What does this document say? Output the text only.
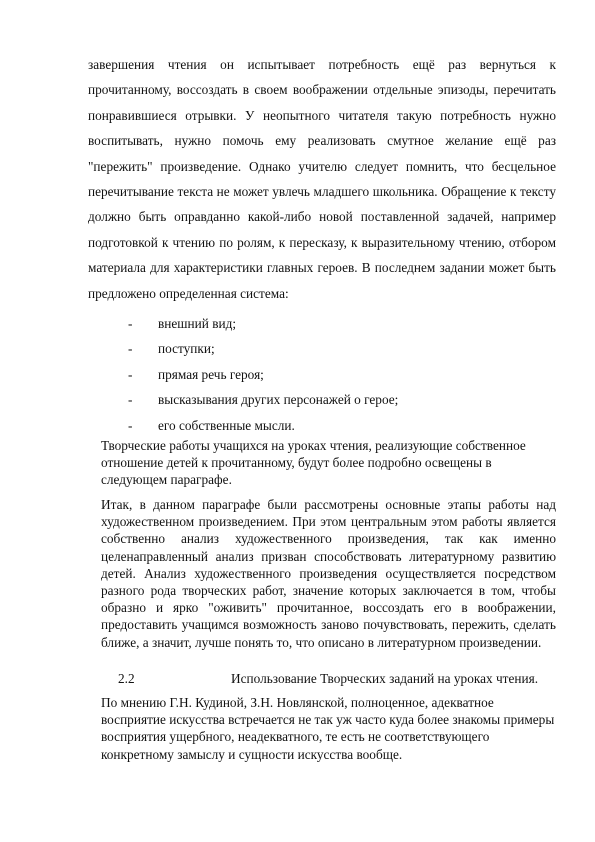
завершения чтения он испытывает потребность ещё раз вернуться к прочитанному, воссоздать в своем воображении отдельные эпизоды, перечитать понравившиеся отрывки. У неопытного читателя такую потребность нужно воспитывать, нужно помочь ему реализовать смутное желание ещё раз "пережить" произведение. Однако учителю следует помнить, что бесцельное перечитывание текста не может увлечь младшего школьника. Обращение к тексту должно быть оправданно какой-либо новой поставленной задачей, например подготовкой к чтению по ролям, к пересказу, к выразительному чтению, отбором материала для характеристики главных героев. В последнем задании может быть предложено определенная система:

- внешний вид;
- поступки;
- прямая речь героя;
- высказывания других персонажей о герое;
- его собственные мысли.

Творческие работы учащихся на уроках чтения, реализующие собственное отношение детей к прочитанному, будут более подробно освещены в следующем параграфе.

Итак, в данном параграфе были рассмотрены основные этапы работы над художественном произведением. При этом центральным этом работы является собственно анализ художественного произведения, так как именно целенаправленный анализ призван способствовать литературному развитию детей. Анализ художественного произведения осуществляется посредством разного рода творческих работ, значение которых заключается в том, чтобы образно и ярко "оживить" прочитанное, воссоздать его в воображении, предоставить учащимся возможность заново почувствовать, пережить, сделать ближе, а значит, лучше понять то, что описано в литературном произведении.

2.2	Использование Творческих заданий на уроках чтения.

По мнению Г.Н. Кудиной, З.Н. Новлянской, полноценное, адекватное восприятие искусства встречается не так уж часто куда более знакомы примеры восприятия ущербного, неадекватного, те есть не соответствующего конкретному замыслу и сущности искусства вообще.
